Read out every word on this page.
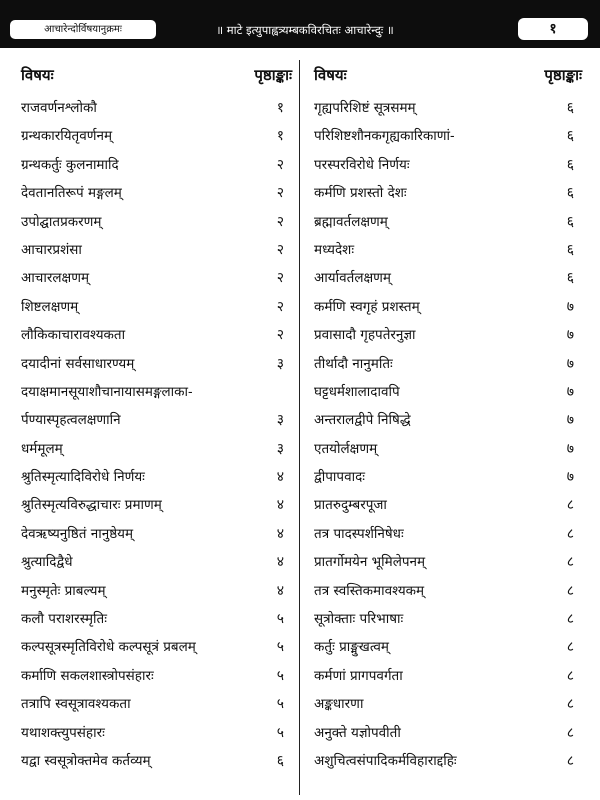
आचारेन्दोर्विषयानुक्रमः	॥ माटे इत्युपाह्वत्र्यम्बकविरचितः आचारेन्दुः ॥	१
विषयः	पृष्ठाङ्काः
राजवर्णनश्लोकौ	१
ग्रन्थकारयितृवर्णनम्	१
ग्रन्थकर्तुः कुलनामादि	२
देवतानतिरूपं मङ्गलम्	२
उपोद्घातप्रकरणम्	२
आचारप्रशंसा	२
आचारलक्षणम्	२
शिष्टलक्षणम्	२
लौकिकाचारावश्यकता	२
दयादीनां सर्वसाधारण्यम्	३
दयाक्षमानसूयाशौचानायासमङ्गलाका-
र्पण्यास्पृहत्वलक्षणानि	३
धर्ममूलम्	३
श्रुतिस्मृत्यादिविरोधे निर्णयः	४
श्रुतिस्मृत्यविरुद्धाचारः प्रमाणम्	४
देवऋष्यनुष्ठितं नानुष्ठेयम्	४
श्रुत्यादिद्वैधे	४
मनुस्मृतेः प्राबल्यम्	४
कलौ पराशरस्मृतिः	५
कल्पसूत्रस्मृतिविरोधे कल्पसूत्रं प्रबलम्	५
कर्माणि सकलशास्त्रोपसंहारः	५
तत्रापि स्वसूत्रावश्यकता	५
यथाशक्त्युपसंहारः	५
यद्वा स्वसूत्रोक्तमेव कर्तव्यम्	६
विषयः	पृष्ठाङ्काः
गृह्यपरिशिष्टं सूत्रसमम्	६
परिशिष्टशौनकगृह्यकारिकाणां-	६
परस्परविरोधे निर्णयः	६
कर्मणि प्रशस्तो देशः	६
ब्रह्मावर्तलक्षणम्	६
मध्यदेशः	६
आर्यावर्तलक्षणम्	६
कर्मणि स्वगृहं प्रशस्तम्	७
प्रवासादौ गृहपतेरनुज्ञा	७
तीर्थादौ नानुमतिः	७
घट्टधर्मशालादावपि	७
अन्तरालद्वीपे निषिद्धे	७
एतयोर्लक्षणम्	७
द्वीपापवादः	७
प्रातरुदुम्बरपूजा	८
तत्र पादस्पर्शनिषेधः	८
प्रातर्गोमयेन भूमिलेपनम्	८
तत्र स्वस्तिकमावश्यकम्	८
सूत्रोक्ताः परिभाषाः	८
कर्तुः प्राङ्मुखत्वम्	८
कर्मणां प्रागपवर्गता	८
अङ्कधारणा	८
अनुक्ते यज्ञोपवीती	८
अशुचित्वसंपादिकर्मविहाराद्दहिः	८
